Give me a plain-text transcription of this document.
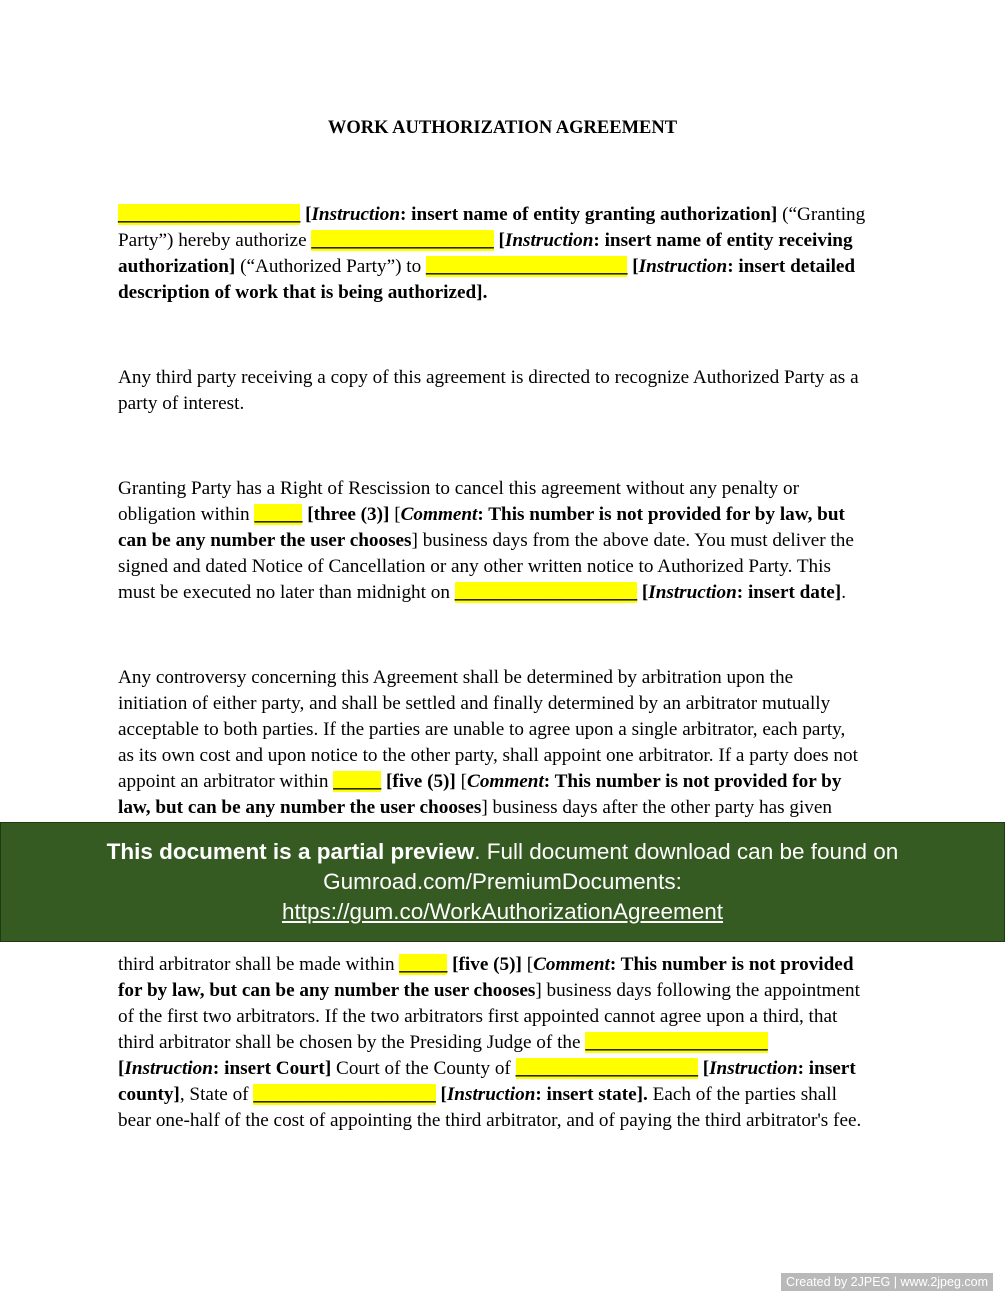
WORK AUTHORIZATION AGREEMENT
___________________ [Instruction: insert name of entity granting authorization] (“Granting
Party”) hereby authorize ___________________ [Instruction: insert name of entity receiving
authorization] (“Authorized Party”) to _____________________ [Instruction: insert detailed
description of work that is being authorized].
Any third party receiving a copy of this agreement is directed to recognize Authorized Party as a
party of interest.
Granting Party has a Right of Rescission to cancel this agreement without any penalty or
obligation within _____ [three (3)] [Comment: This number is not provided for by law, but
can be any number the user chooses] business days from the above date. You must deliver the
signed and dated Notice of Cancellation or any other written notice to Authorized Party. This
must be executed no later than midnight on ___________________ [Instruction: insert date].
Any controversy concerning this Agreement shall be determined by arbitration upon the
initiation of either party, and shall be settled and finally determined by an arbitrator mutually
acceptable to both parties. If the parties are unable to agree upon a single arbitrator, each party,
as its own cost and upon notice to the other party, shall appoint one arbitrator. If a party does not
appoint an arbitrator within _____ [five (5)] [Comment: This number is not provided for by
law, but can be any number the user chooses] business days after the other party has given
third arbitrator shall be made within _____ [five (5)] [Comment: This number is not provided
for by law, but can be any number the user chooses] business days following the appointment
of the first two arbitrators. If the two arbitrators first appointed cannot agree upon a third, that
third arbitrator shall be chosen by the Presiding Judge of the ___________________
[Instruction: insert Court] Court of the County of ___________________ [Instruction: insert
county], State of ___________________ [Instruction: insert state]. Each of the parties shall
bear one-half of the cost of appointing the third arbitrator, and of paying the third arbitrator's fee.
This document is a partial preview. Full document download can be found on
Gumroad.com/PremiumDocuments:
https://gum.co/WorkAuthorizationAgreement
Created by 2JPEG | www.2jpeg.com
